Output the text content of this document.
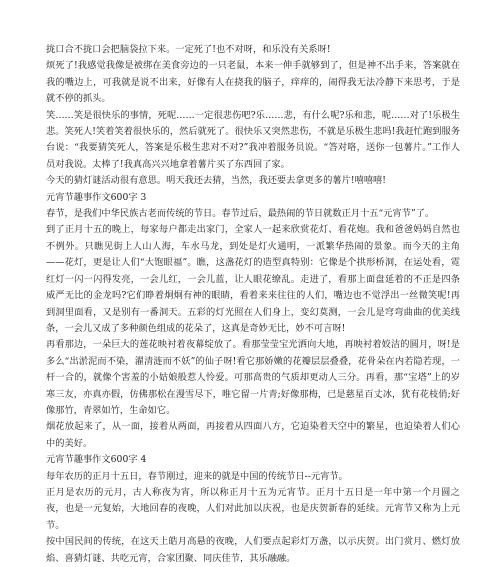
拢口合不拢口会把脑袋拉下来。一定死了!也不对呀，和乐没有关系呀!

烦死了!我感觉我像是被绑在美食旁边的一只老鼠，本来一伸手就够到了，但是神不出手来，答案就在我的嘴边上，可我就是说不出来，好像有人在挠我的脑子，痒痒的，闹得我无法冷静下来思考，于是就不停的抓头。

笑……笑是很快乐的事情，死呢……一定很悲伤吧?乐……悲，有什么呢?乐和悲，呢……对了!乐极生悲。笑死人!笑着笑着很快乐的，然后就死了。很快乐又突然悲伤，不就是乐极生悲吗!我赶忙跑到服务台说：“我要猜笑死人，答案是乐极生悲对不对?”我冲着服务员说。“答对咯，送你一包薯片。”工作人员对我说。太棒了!我真高兴兴地拿着薯片买了东西回了家。

今天的猜灯谜活动很有意思。明天我还去猜，当然，我还要去拿更多的薯片!嘻嘻嘻!

元宵节趣事作文600字 3

春节，是我们中华民族古老而传统的节日。春节过后，最热闹的节日就数正月十五“元宵节”了。

到了正月十五的晚上，每家每户都走出家门，全家人一起来欣赏花灯、看花炮。我和爸爸妈妈自然也不例外。只瞧见街上人山人海，车水马龙，到处是灯火通明，一派繁华热闹的景象。而今天的主角——花灯，更是让人们“大饱眼福”。瞧，这盏花灯的造型真特别：它像是个拱形桥洞，在运处看，霓红灯一闪一闪得发亮，一会儿红，一会儿蓝，让人眼花缭乱。走进了，看那上面盘延着的不正是四条威严无比的金龙吗?它们睁着炯炯有神的眼睛，看着来来往往的人们，嘴边也不觉浮出一丝微笑呢!再到洞里面看，又是别有一番洞天。五彩的灯光照在人们身上，变幻莫测，一会儿是穹弯曲曲的优美线条，一会儿又成了多种颜色组成的花朵了，这真是奇妙无比，妙不可言呀!

再看那边，一朵巨大的莲花映衬着夜幕绽放了。看那莹莹宝光洒向大地，再映衬着姣洁的圆月，呀!是多么“出淤泥而不染，濯清涟而不妖”的仙子呀!看它那娇嫩的花瓣层层叠叠，花骨朵在内若隐若现，一杆一合的，就像个害羞的小姑娘般惹人怜爱。可那高贵的气质却更动人三分。再看，那“宝塔”上的岁寒三友，亦真亦假，仿佛那松在漫雪尽下，唯它留一片青;好像那梅，已是慈星百丈冰，犹有花枝俏;好像那竹，青翠如竹，生命如它。

烟花放起来了，从一面，接着从两面，再接着从四面八方，它迫染着天空中的繁星，也迫染着人们心中的美好。

元宵节趣事作文600字 4

每年农历的正月十五日，春节刚过，迎来的就是中国的传统节日--元宵节。

正月是农历的元月，古人称夜为宵，所以称正月十五为元宵节。正月十五日是一年中第一个月圆之夜，也是一元复始，大地回春的夜晚，人们对此加以庆祝，也是庆贺新春的延续。元宵节又称为上元节。

按中国民间的传统，在这天上皓月高悬的夜晚，人们要点起彩灯万盏，以示庆贺。出门赏月、燃灯放焰、喜猜灯谜、共吃元宵，合家团聚、同庆佳节，其乐融融。
